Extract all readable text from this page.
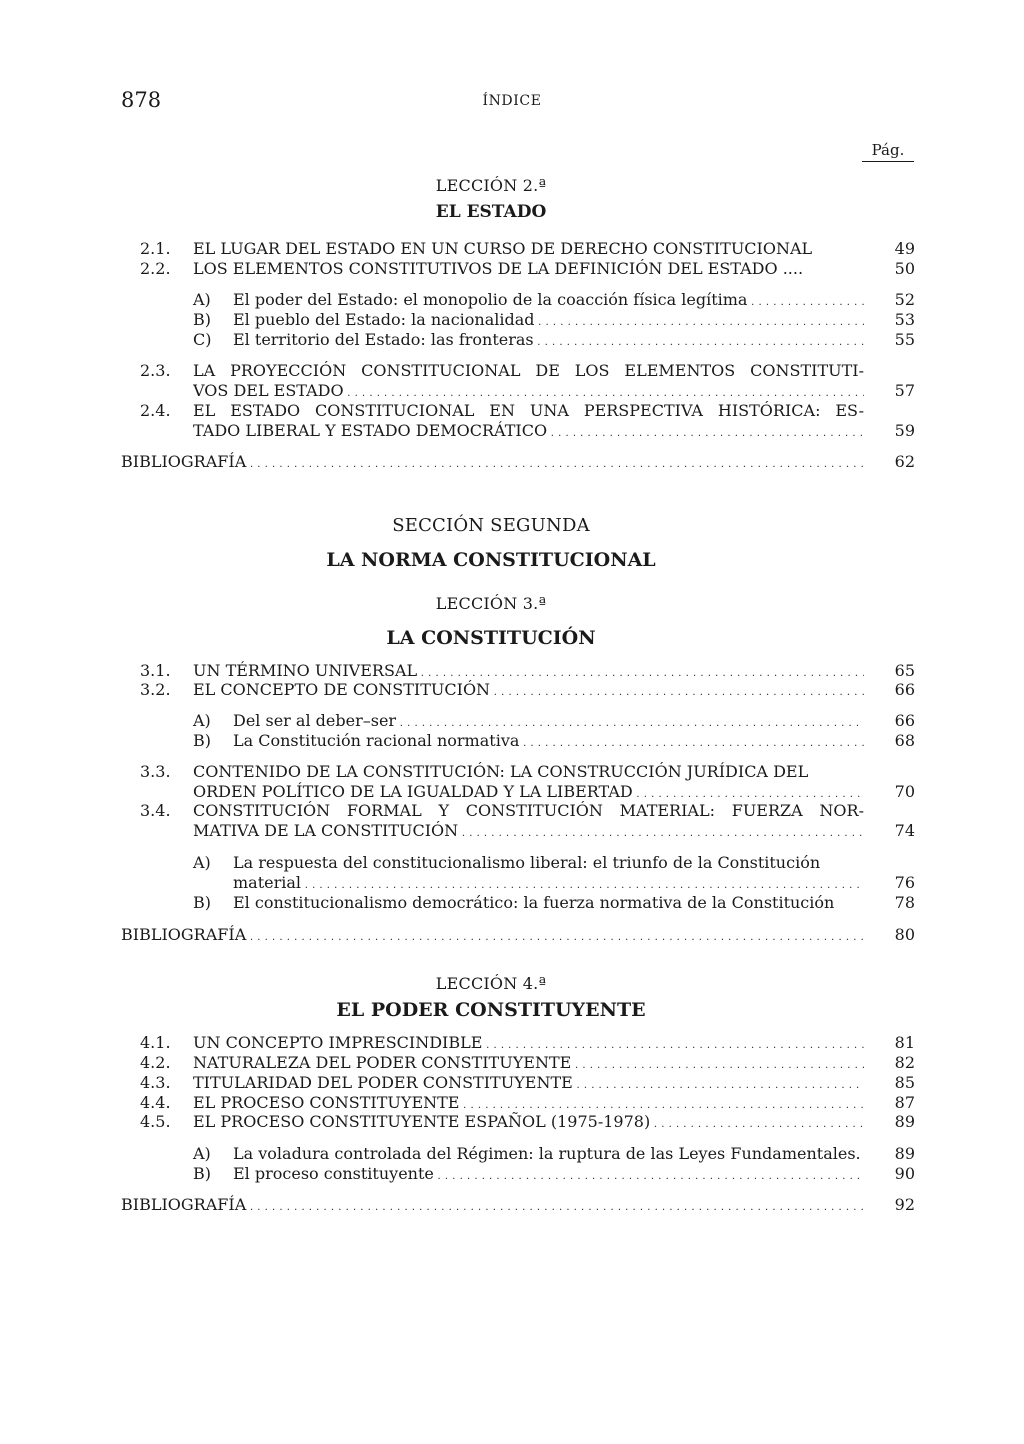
878	ÍNDICE
Pág.
LECCIÓN 2.ª
EL ESTADO
2.1. EL LUGAR DEL ESTADO EN UN CURSO DE DERECHO CONSTITUCIONAL	49
2.2. LOS ELEMENTOS CONSTITUTIVOS DE LA DEFINICIÓN DEL ESTADO ....	50
A) El poder del Estado: el monopolio de la coacción física legítima . . .	52
B) El pueblo del Estado: la nacionalidad . . .	53
C) El territorio del Estado: las fronteras . . .	55
2.3. LA PROYECCIÓN CONSTITUCIONAL DE LOS ELEMENTOS CONSTITUTI-
VOS DEL ESTADO . . .	57
2.4. EL ESTADO CONSTITUCIONAL EN UNA PERSPECTIVA HISTÓRICA: ES-
TADO LIBERAL Y ESTADO DEMOCRÁTICO . . .	59
BIBLIOGRAFÍA . . .	62
SECCIÓN SEGUNDA
LA NORMA CONSTITUCIONAL
LECCIÓN 3.ª
LA CONSTITUCIÓN
3.1. UN TÉRMINO UNIVERSAL . . .	65
3.2. EL CONCEPTO DE CONSTITUCIÓN . . .	66
A) Del ser al deber–ser . . .	66
B) La Constitución racional normativa . . .	68
3.3. CONTENIDO DE LA CONSTITUCIÓN: LA CONSTRUCCIÓN JURÍDICA DEL
ORDEN POLÍTICO DE LA IGUALDAD Y LA LIBERTAD . . .	70
3.4. CONSTITUCIÓN FORMAL Y CONSTITUCIÓN MATERIAL: FUERZA NOR-
MATIVA DE LA CONSTITUCIÓN . . .	74
A) La respuesta del constitucionalismo liberal: el triunfo de la Constitución
material . . .	76
B) El constitucionalismo democrático: la fuerza normativa de la Constitución	78
BIBLIOGRAFÍA . . .	80
LECCIÓN 4.ª
EL PODER CONSTITUYENTE
4.1. UN CONCEPTO IMPRESCINDIBLE . . .	81
4.2. NATURALEZA DEL PODER CONSTITUYENTE . . .	82
4.3. TITULARIDAD DEL PODER CONSTITUYENTE . . .	85
4.4. EL PROCESO CONSTITUYENTE . . .	87
4.5. EL PROCESO CONSTITUYENTE ESPAÑOL (1975-1978) . . .	89
A) La voladura controlada del Régimen: la ruptura de las Leyes Fundamentales. 89
B) El proceso constituyente . . .	90
BIBLIOGRAFÍA . . .	92
